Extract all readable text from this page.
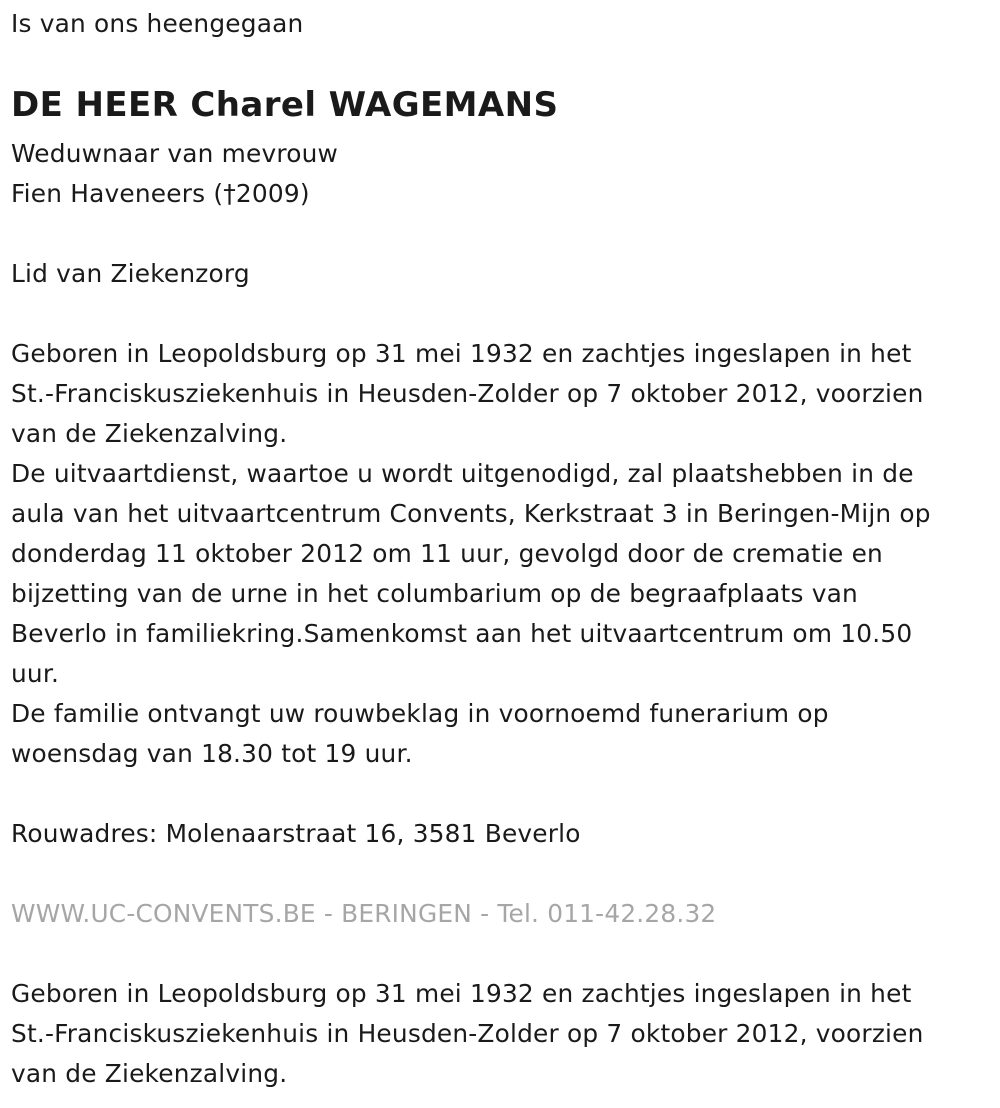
Is van ons heengegaan
DE HEER Charel WAGEMANS
Weduwnaar van mevrouw
Fien Haveneers (†2009)
Lid van Ziekenzorg
Geboren in Leopoldsburg op 31 mei 1932 en zachtjes ingeslapen in het
St.-Franciskusziekenhuis in Heusden-Zolder op 7 oktober 2012, voorzien
van de Ziekenzalving.
De uitvaartdienst, waartoe u wordt uitgenodigd, zal plaatshebben in de
aula van het uitvaartcentrum Convents, Kerkstraat 3 in Beringen-Mijn op
donderdag 11 oktober 2012 om 11 uur, gevolgd door de crematie en
bijzetting van de urne in het columbarium op de begraafplaats van
Beverlo in familiekring.Samenkomst aan het uitvaartcentrum om 10.50
uur.
De familie ontvangt uw rouwbeklag in voornoemd funerarium op
woensdag van 18.30 tot 19 uur.
Rouwadres: Molenaarstraat 16, 3581 Beverlo
WWW.UC-CONVENTS.BE - BERINGEN - Tel. 011-42.28.32
Geboren in Leopoldsburg op 31 mei 1932 en zachtjes ingeslapen in het
St.-Franciskusziekenhuis in Heusden-Zolder op 7 oktober 2012, voorzien
van de Ziekenzalving.
